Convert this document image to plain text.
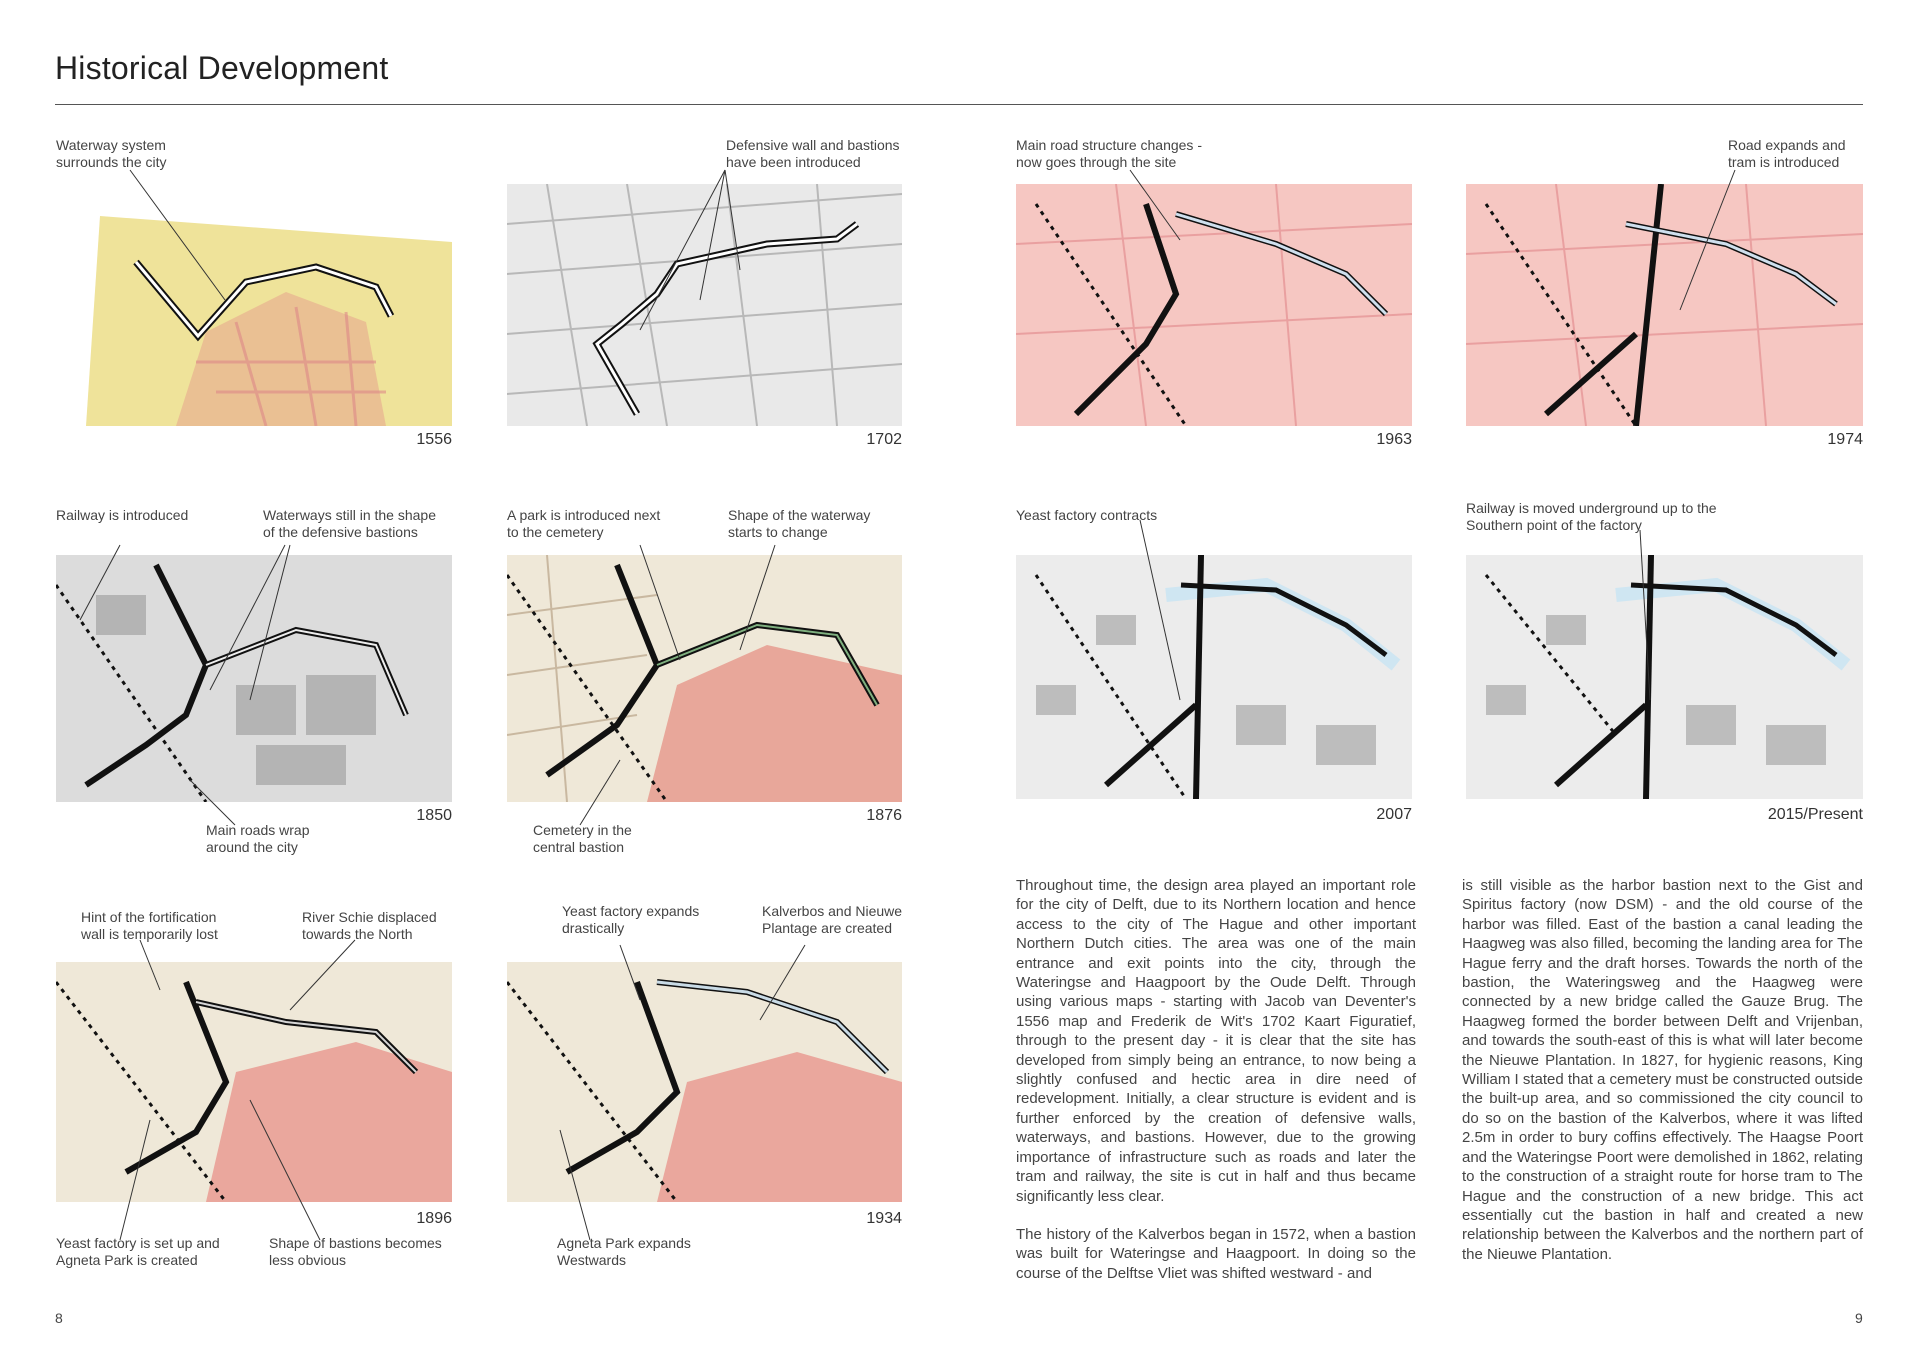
Historical Development
Waterway system
surrounds the city
1556
Defensive wall and bastions
have been introduced
1702
Railway is introduced	Waterways still in the shape
of the defensive bastions
Main roads wrap
around the city
1850
A park is introduced next
to the cemetery
Shape of the waterway
starts to change
Cemetery in the
central bastion
1876
Hint of the fortification
wall is temporarily lost
River Schie displaced
towards the North
Yeast factory is set up and
Agneta Park is created
Shape of bastions becomes
less obvious
1896
Yeast factory expands
drastically
Kalverbos and Nieuwe
Plantage are created
Agneta Park expands
Westwards
1934
Main road structure changes -
now goes through the site
1963
Road expands and
tram is introduced
1974
Yeast factory contracts
2007
Railway is moved underground up to the
Southern point of the factory
2015/Present

Throughout time, the design area played an important role for the city of Delft, due to its Northern location and hence access to the city of The Hague and other important Northern Dutch cities. The area was one of the main entrance and exit points into the city, through the Wateringse and Haagpoort by the Oude Delft. Through using various maps - starting with Jacob van Deventer's 1556 map and Frederik de Wit's 1702 Kaart Figuratief, through to the present day - it is clear that the site has developed from simply being an entrance, to now being a slightly confused and hectic area in dire need of redevelopment. Initially, a clear structure is evident and is further enforced by the creation of defensive walls, waterways, and bastions. However, due to the growing importance of infrastructure such as roads and later the tram and railway, the site is cut in half and thus became significantly less clear.

The history of the Kalverbos began in 1572, when a bastion was built for Wateringse and Haagpoort. In doing so the course of the Delftse Vliet was shifted westward - and

is still visible as the harbor bastion next to the Gist and Spiritus factory (now DSM) - and the old course of the harbor was filled. East of the bastion a canal leading the Haagweg was also filled, becoming the landing area for The Hague ferry and the draft horses. Towards the north of the bastion, the Wateringsweg and the Haagweg were connected by a new bridge called the Gauze Brug. The Haagweg formed the border between Delft and Vrijenban, and towards the south-east of this is what will later become the Nieuwe Plantation. In 1827, for hygienic reasons, King William I stated that a cemetery must be constructed outside the built-up area, and so commissioned the city council to do so on the bastion of the Kalverbos, where it was lifted 2.5m in order to bury coffins effectively. The Haagse Poort and the Wateringse Poort were demolished in 1862, relating to the construction of a straight route for horse tram to The Hague and the construction of a new bridge. This act essentially cut the bastion in half and created a new relationship between the Kalverbos and the northern part of the Nieuwe Plantation.

8	9
